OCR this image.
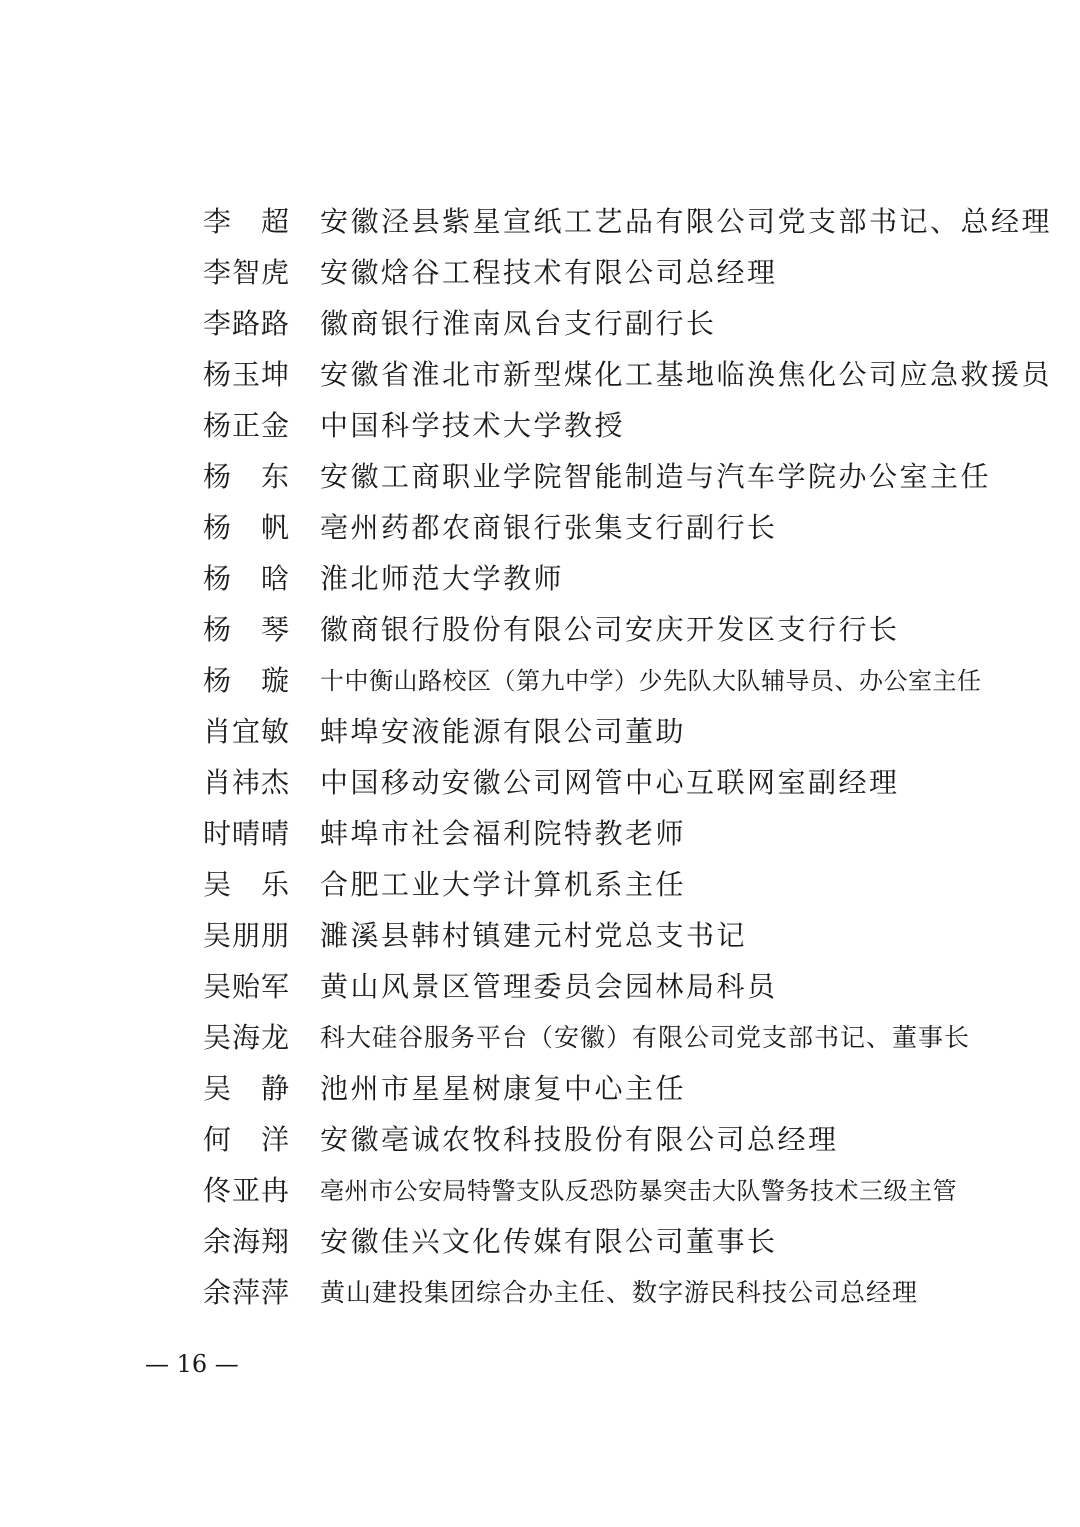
李　超	安徽泾县紫星宣纸工艺品有限公司党支部书记、总经理
李智虎	安徽焓谷工程技术有限公司总经理
李路路	徽商银行淮南凤台支行副行长
杨玉坤	安徽省淮北市新型煤化工基地临涣焦化公司应急救援员
杨正金	中国科学技术大学教授
杨　东	安徽工商职业学院智能制造与汽车学院办公室主任
杨　帆	亳州药都农商银行张集支行副行长
杨　晗	淮北师范大学教师
杨　琴	徽商银行股份有限公司安庆开发区支行行长
杨　璇	十中衡山路校区（第九中学）少先队大队辅导员、办公室主任
肖宜敏	蚌埠安液能源有限公司董助
肖祎杰	中国移动安徽公司网管中心互联网室副经理
时晴晴	蚌埠市社会福利院特教老师
吴　乐	合肥工业大学计算机系主任
吴朋朋	濉溪县韩村镇建元村党总支书记
吴贻军	黄山风景区管理委员会园林局科员
吴海龙	科大硅谷服务平台（安徽）有限公司党支部书记、董事长
吴　静	池州市星星树康复中心主任
何　洋	安徽亳诚农牧科技股份有限公司总经理
佟亚冉	亳州市公安局特警支队反恐防暴突击大队警务技术三级主管
余海翔	安徽佳兴文化传媒有限公司董事长
余萍萍	黄山建投集团综合办主任、数字游民科技公司总经理
— 16 —
